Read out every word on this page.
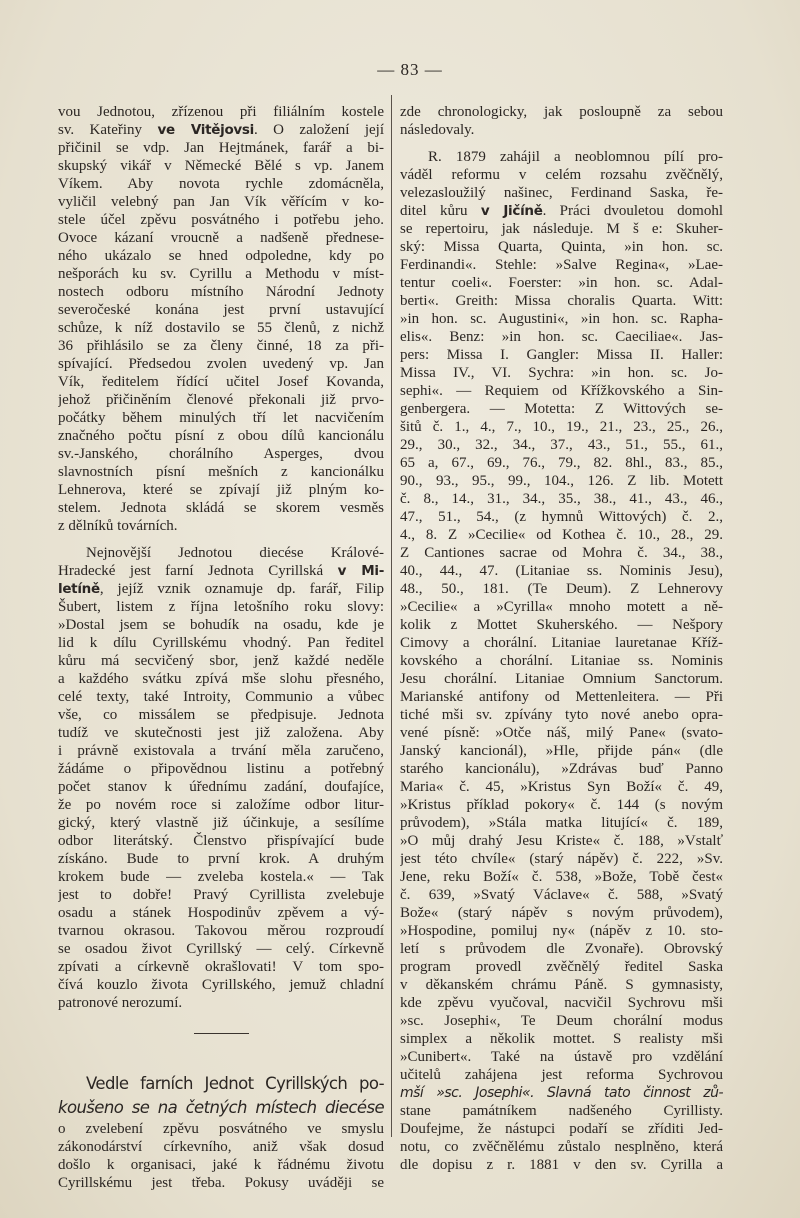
— 83 —
vou Jednotou, zřízenou při filiálním kostele
sv. Kateřiny ve Vitějovsi. O založení její
přičinil se vdp. Jan Hejtmánek, farář a bi-
skupský vikář v Německé Bělé s vp. Janem
Víkem. Aby novota rychle zdomácněla,
vyličil velebný pan Jan Vík věřícím v ko-
stele účel zpěvu posvátného i potřebu jeho.
Ovoce kázaní vroucně a nadšeně přednese-
ného ukázalo se hned odpoledne, kdy po
nešporách ku sv. Cyrillu a Methodu v míst-
nostech odboru místního Národní Jednoty
severočeské konána jest první ustavující
schůze, k níž dostavilo se 55 členů, z nichž
36 přihlásilo se za členy činné, 18 za při-
spívající. Předsedou zvolen uvedený vp. Jan
Vík, ředitelem řídící učitel Josef Kovanda,
jehož přičiněním členové překonali již prvo-
počátky během minulých tří let nacvičením
značného počtu písní z obou dílů kancionálu
sv.-Janského, chorálního Asperges, dvou
slavnostních písní mešních z kancionálku
Lehnerova, které se zpívají již plným ko-
stelem. Jednota skládá se skorem vesměs
z dělníků továrních.
Nejnovější Jednotou diecése Králové-
Hradecké jest farní Jednota Cyrillská v Mi-
letíně, jejíž vznik oznamuje dp. farář, Filip
Šubert, listem z října letošního roku slovy:
»Dostal jsem se bohudík na osadu, kde je
lid k dílu Cyrillskému vhodný. Pan ředitel
kůru má secvičený sbor, jenž každé neděle
a každého svátku zpívá mše slohu přesného,
celé texty, také Introity, Communio a vůbec
vše, co missálem se předpisuje. Jednota
tudíž ve skutečnosti jest již založena. Aby
i právně existovala a trvání měla zaručeno,
žádáme o připovědnou listinu a potřebný
počet stanov k úřednímu zadání, doufajíce,
že po novém roce si založíme odbor litur-
gický, který vlastně již účinkuje, a sesílíme
odbor literátský. Členstvo přispívající bude
získáno. Bude to první krok. A druhým
krokem bude — zveleba kostela.« — Tak
jest to dobře! Pravý Cyrillista zvelebuje
osadu a stánek Hospodinův zpěvem a vý-
tvarnou okrasou. Takovou měrou rozproudí
se osadou život Cyrillský — celý. Církevně
zpívati a církevně okrašlovati! V tom spo-
čívá kouzlo života Cyrillského, jemuž chladní
patronové nerozumí.
Vedle farních Jednot Cyrillských po-
koušeno se na četných místech diecése
o zvelebení zpěvu posvátného ve smyslu
zákonodárství církevního, aniž však dosud
došlo k organisaci, jaké k řádnému životu
Cyrillskému jest třeba. Pokusy uváději se
zde chronologicky, jak posloupně za sebou
následovaly.
R. 1879 zahájil a neoblomnou pílí pro-
váděl reformu v celém rozsahu zvěčnělý,
velezasloužilý našinec, Ferdinand Saska, ře-
ditel kůru v Jičíně. Práci dvouletou domohl
se repertoiru, jak následuje. M š e: Skuher-
ský: Missa Quarta, Quinta, »in hon. sc.
Ferdinandi«. Stehle: »Salve Regina«, »Lae-
tentur coeli«. Foerster: »in hon. sc. Adal-
berti«. Greith: Missa choralis Quarta. Witt:
»in hon. sc. Augustini«, »in hon. sc. Rapha-
elis«. Benz: »in hon. sc. Caeciliae«. Jas-
pers: Missa I. Gangler: Missa II. Haller:
Missa IV., VI. Sychra: »in hon. sc. Jo-
sephi«. — Requiem od Křížkovského a Sin-
genbergera. — Motetta: Z Wittových se-
šitů č. 1., 4., 7., 10., 19., 21., 23., 25., 26.,
29., 30., 32., 34., 37., 43., 51., 55., 61.,
65 a, 67., 69., 76., 79., 82. 8hl., 83., 85.,
90., 93., 95., 99., 104., 126. Z lib. Motett
č. 8., 14., 31., 34., 35., 38., 41., 43., 46.,
47., 51., 54., (z hymnů Wittových) č. 2.,
4., 8. Z »Cecilie« od Kothea č. 10., 28., 29.
Z Cantiones sacrae od Mohra č. 34., 38.,
40., 44., 47. (Litaniae ss. Nominis Jesu),
48., 50., 181. (Te Deum). Z Lehnerovy
»Cecilie« a »Cyrilla« mnoho motett a ně-
kolik z Mottet Skuherského. — Nešpory
Cimovy a chorální. Litaniae lauretanae Kříž-
kovského a chorální. Litaniae ss. Nominis
Jesu chorální. Litaniae Omnium Sanctorum.
Marianské antifony od Mettenleitera. — Při
tiché mši sv. zpívány tyto nové anebo opra-
vené písně: »Otče náš, milý Pane« (svato-
Janský kancionál), »Hle, přijde pán« (dle
starého kancionálu), »Zdrávas buď Panno
Maria« č. 45, »Kristus Syn Boží« č. 49,
»Kristus příklad pokory« č. 144 (s novým
průvodem), »Stála matka litující« č. 189,
»O můj drahý Jesu Kriste« č. 188, »Vstalť
jest této chvíle« (starý nápěv) č. 222, »Sv.
Jene, reku Boží« č. 538, »Bože, Tobě čest«
č. 639, »Svatý Václave« č. 588, »Svatý
Bože« (starý nápěv s novým průvodem),
»Hospodine, pomiluj ny« (nápěv z 10. sto-
letí s průvodem dle Zvonaře). Obrovský
program provedl zvěčnělý ředitel Saska
v děkanském chrámu Páně. S gymnasisty,
kde zpěvu vyučoval, nacvičil Sychrovu mši
»sc. Josephi«, Te Deum chorální modus
simplex a několik mottet. S realisty mši
»Cunibert«. Také na ústavě pro vzdělání
učitelů zahájena jest reforma Sychrovou
mší »sc. Josephi«. Slavná tato činnost zů-
stane památníkem nadšeného Cyrillisty.
Doufejme, že nástupci podaří se zříditi Jed-
notu, co zvěčnělému zůstalo nesplněno, která
dle dopisu z r. 1881 v den sv. Cyrilla a
